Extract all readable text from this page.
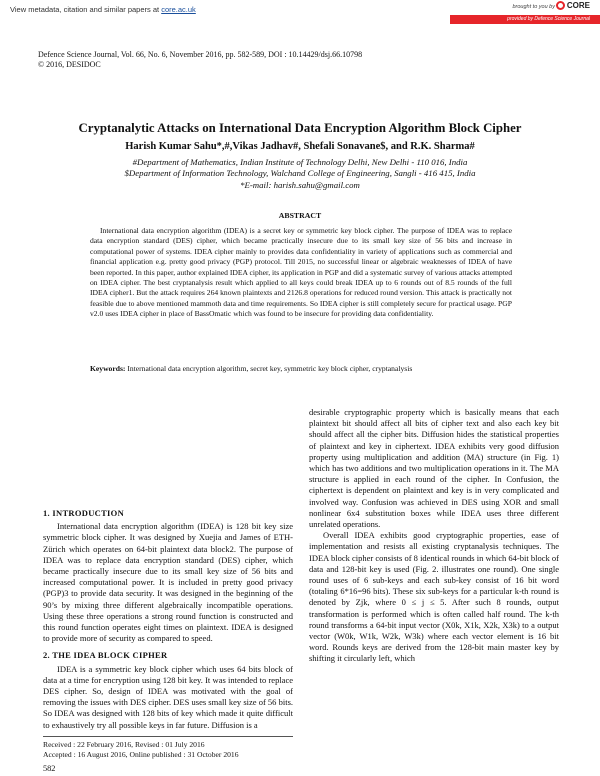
View metadata, citation and similar papers at core.ac.uk	brought to you by CORE
provided by Defence Science Journal
Defence Science Journal, Vol. 66, No. 6, November 2016, pp. 582-589, DOI : 10.14429/dsj.66.10798
© 2016, DESIDOC
Cryptanalytic Attacks on International Data Encryption Algorithm Block Cipher
Harish Kumar Sahu*,#,Vikas Jadhav#, Shefali Sonavane$, and R.K. Sharma#
#Department of Mathematics, Indian Institute of Technology Delhi, New Delhi - 110 016, India
$Department of Information Technology, Walchand College of Engineering, Sangli - 416 415, India
*E-mail: harish.sahu@gmail.com
ABSTRACT

International data encryption algorithm (IDEA) is a secret key or symmetric key block cipher. The purpose of IDEA was to replace data encryption standard (DES) cipher, which became practically insecure due to its small key size of 56 bits and increase in computational power of systems. IDEA cipher mainly to provides data confidentiality in variety of applications such as commercial and financial application e.g. pretty good privacy (PGP) protocol. Till 2015, no successful linear or algebraic weaknesses of IDEA of have been reported. In this paper, author explained IDEA cipher, its application in PGP and did a systematic survey of various attacks attempted on IDEA cipher. The best cryptanalysis result which applied to all keys could break IDEA up to 6 rounds out of 8.5 rounds of the full IDEA cipher1. But the attack requires 264 known plaintexts and 2126.8 operations for reduced round version. This attack is practically not feasible due to above mentioned mammoth data and time requirements. So IDEA cipher is still completely secure for practical usage. PGP v2.0 uses IDEA cipher in place of BassOmatic which was found to be insecure for providing data confidentiality.

Keywords: International data encryption algorithm, secret key, symmetric key block cipher, cryptanalysis
1. INTRODUCTION

International data encryption algorithm (IDEA) is 128 bit key size symmetric block cipher. It was designed by Xuejia and James of ETH-Zürich which operates on 64-bit plaintext data block2. The purpose of IDEA was to replace data encryption standard (DES) cipher, which became practically insecure due to its small key size of 56 bits and increased computational power. It is included in pretty good privacy (PGP)3 to provide data security. It was designed in the beginning of the 90’s by mixing three different algebraically incompatible operations. Using these three operations a strong round function is constructed and this round function operates eight times on plaintext. IDEA is designed to provide more of security as compared to speed.

2. THE IDEA BLOCK CIPHER

IDEA is a symmetric key block cipher which uses 64 bits block of data at a time for encryption using 128 bit key. It was intended to replace DES cipher. So, design of IDEA was motivated with the goal of removing the issues with DES cipher. DES uses small key size of 56 bits. So IDEA was designed with 128 bits of key which made it quite difficult to exhaustively try all possible keys in far future. Diffusion is a

desirable cryptographic property which is basically means that each plaintext bit should affect all bits of cipher text and also each key bit should affect all the cipher bits. Diffusion hides the statistical properties of plaintext and key in ciphertext. IDEA exhibits very good diffusion property using multiplication and addition (MA) structure (in Fig. 1) which has two additions and two multiplication operations in it. The MA structure is applied in each round of the cipher. In Confusion, the ciphertext is dependent on plaintext and key is in very complicated and involved way. Confusion was achieved in DES using XOR and small nonlinear 6x4 substitution boxes while IDEA uses three different unrelated operations.

Overall IDEA exhibits good cryptographic properties, ease of implementation and resists all existing cryptanalysis techniques. The IDEA block cipher consists of 8 identical rounds in which 64-bit block of data and 128-bit key is used (Fig. 2. illustrates one round). One single round uses of 6 sub-keys and each sub-key consist of 16 bit word (totaling 6*16=96 bits). These six sub-keys for a particular k-th round is denoted by Zjk, where 0 ≤ j ≤ 5. After such 8 rounds, output transformation is performed which is often called half round. The k-th round transforms a 64-bit input vector (X0k, X1k, X2k, X3k) to a output vector (W0k, W1k, W2k, W3k) where each vector element is 16 bit word. Rounds keys are derived from the 128-bit main master key by shifting it circularly left, which

Received : 22 February 2016, Revised : 01 July 2016
Accepted : 16 August 2016, Online published : 31 October 2016
582
